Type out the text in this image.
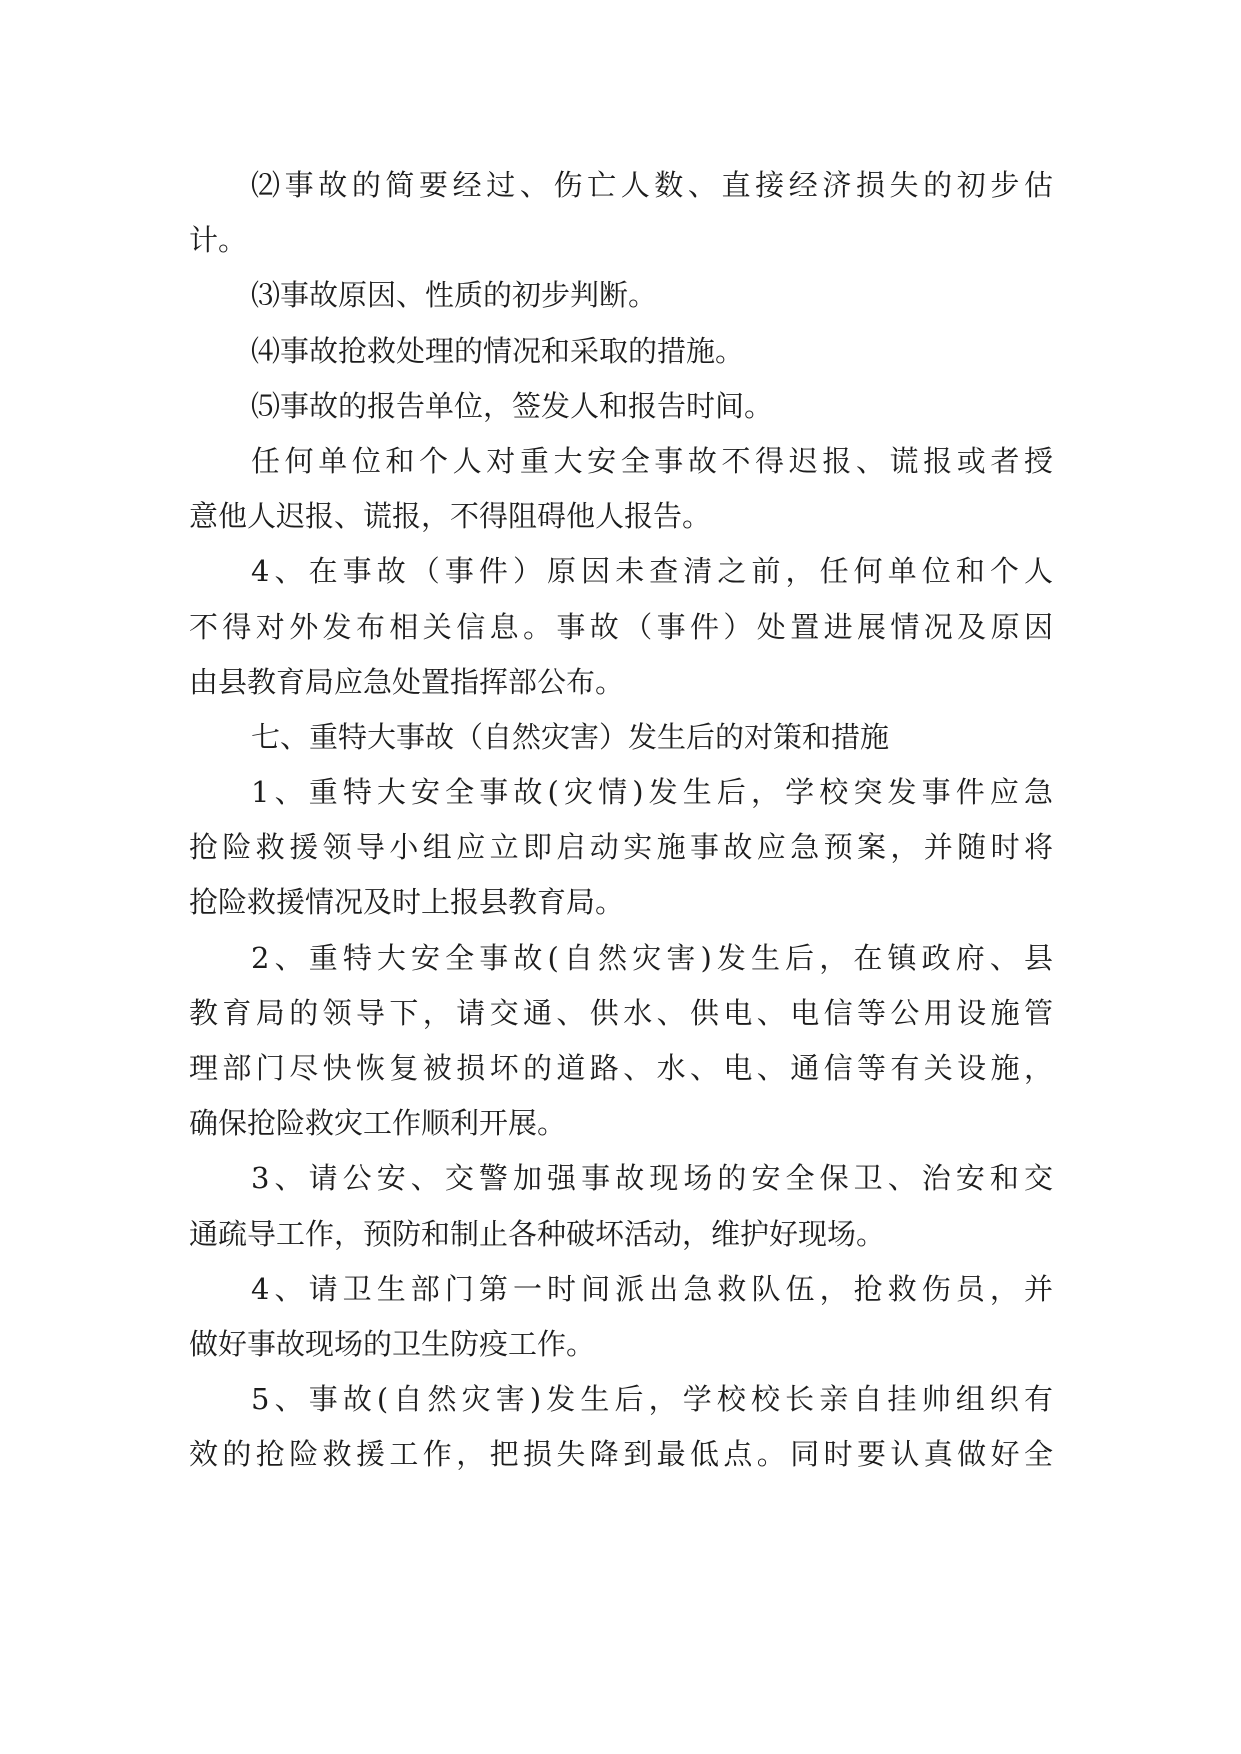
⑵事故的简要经过、伤亡人数、直接经济损失的初步估
计。
⑶事故原因、性质的初步判断。
⑷事故抢救处理的情况和采取的措施。
⑸事故的报告单位，签发人和报告时间。
任何单位和个人对重大安全事故不得迟报、谎报或者授
意他人迟报、谎报，不得阻碍他人报告。
4、在事故（事件）原因未查清之前，任何单位和个人
不得对外发布相关信息。事故（事件）处置进展情况及原因
由县教育局应急处置指挥部公布。
七、重特大事故（自然灾害）发生后的对策和措施
1、重特大安全事故(灾情)发生后，学校突发事件应急
抢险救援领导小组应立即启动实施事故应急预案，并随时将
抢险救援情况及时上报县教育局。
2、重特大安全事故(自然灾害)发生后，在镇政府、县
教育局的领导下，请交通、供水、供电、电信等公用设施管
理部门尽快恢复被损坏的道路、水、电、通信等有关设施，
确保抢险救灾工作顺利开展。
3、请公安、交警加强事故现场的安全保卫、治安和交
通疏导工作，预防和制止各种破坏活动，维护好现场。
4、请卫生部门第一时间派出急救队伍，抢救伤员，并
做好事故现场的卫生防疫工作。
5、事故(自然灾害)发生后，学校校长亲自挂帅组织有
效的抢险救援工作，把损失降到最低点。同时要认真做好全
